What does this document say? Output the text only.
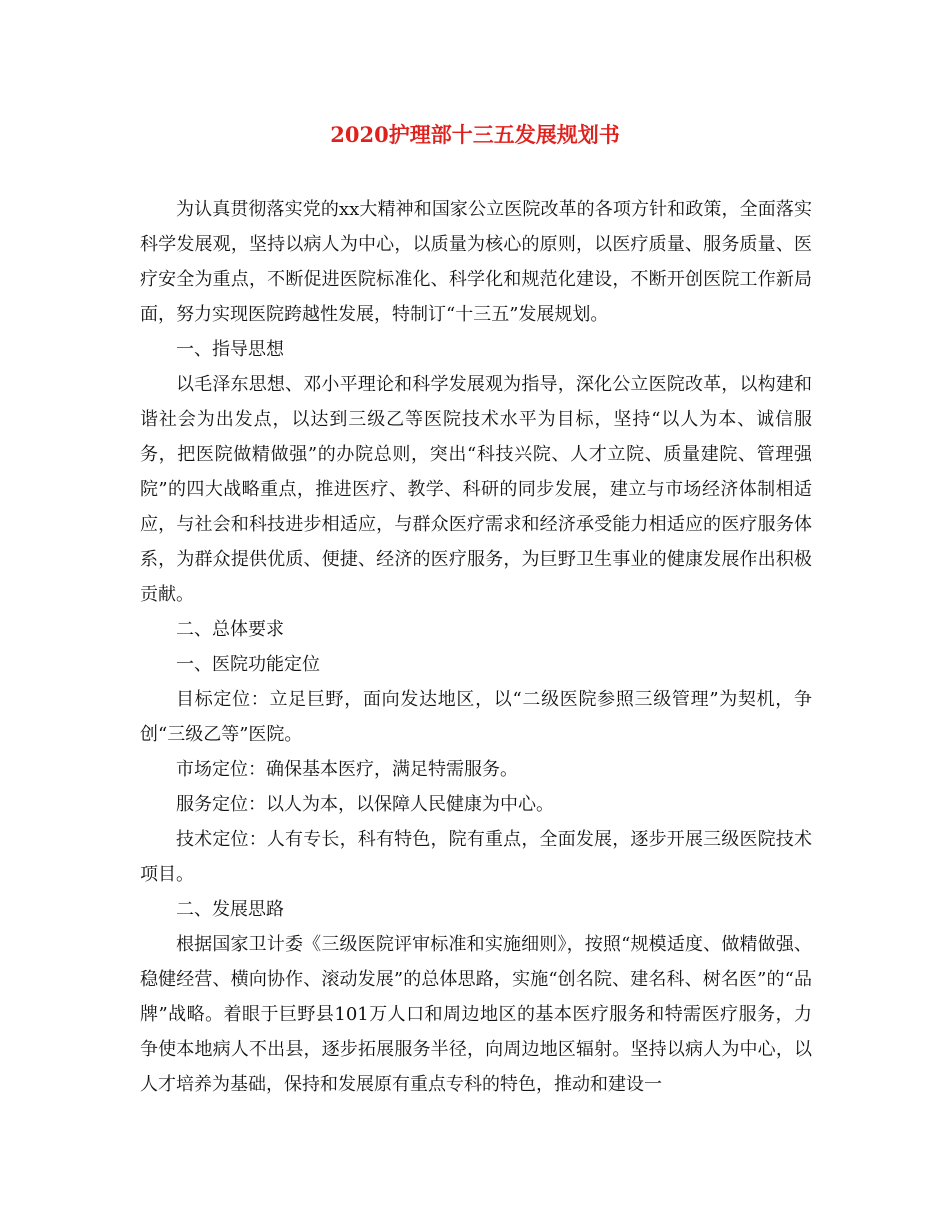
2020护理部十三五发展规划书

为认真贯彻落实党的xx大精神和国家公立医院改革的各项方针和政策，全面落实科学发展观，坚持以病人为中心，以质量为核心的原则，以医疗质量、服务质量、医疗安全为重点，不断促进医院标准化、科学化和规范化建设，不断开创医院工作新局面，努力实现医院跨越性发展，特制订“十三五”发展规划。

一、指导思想

以毛泽东思想、邓小平理论和科学发展观为指导，深化公立医院改革，以构建和谐社会为出发点，以达到三级乙等医院技术水平为目标，坚持“以人为本、诚信服务，把医院做精做强”的办院总则，突出“科技兴院、人才立院、质量建院、管理强院”的四大战略重点，推进医疗、教学、科研的同步发展，建立与市场经济体制相适应，与社会和科技进步相适应，与群众医疗需求和经济承受能力相适应的医疗服务体系，为群众提供优质、便捷、经济的医疗服务，为巨野卫生事业的健康发展作出积极贡献。

二、总体要求

一、医院功能定位

目标定位：立足巨野，面向发达地区，以“二级医院参照三级管理”为契机，争创“三级乙等”医院。

市场定位：确保基本医疗，满足特需服务。

服务定位：以人为本，以保障人民健康为中心。

技术定位：人有专长，科有特色，院有重点，全面发展，逐步开展三级医院技术项目。

二、发展思路

根据国家卫计委《三级医院评审标准和实施细则》，按照“规模适度、做精做强、稳健经营、横向协作、滚动发展”的总体思路，实施“创名院、建名科、树名医”的“品牌”战略。着眼于巨野县101万人口和周边地区的基本医疗服务和特需医疗服务，力争使本地病人不出县，逐步拓展服务半径，向周边地区辐射。坚持以病人为中心，以人才培养为基础，保持和发展原有重点专科的特色，推动和建设一
